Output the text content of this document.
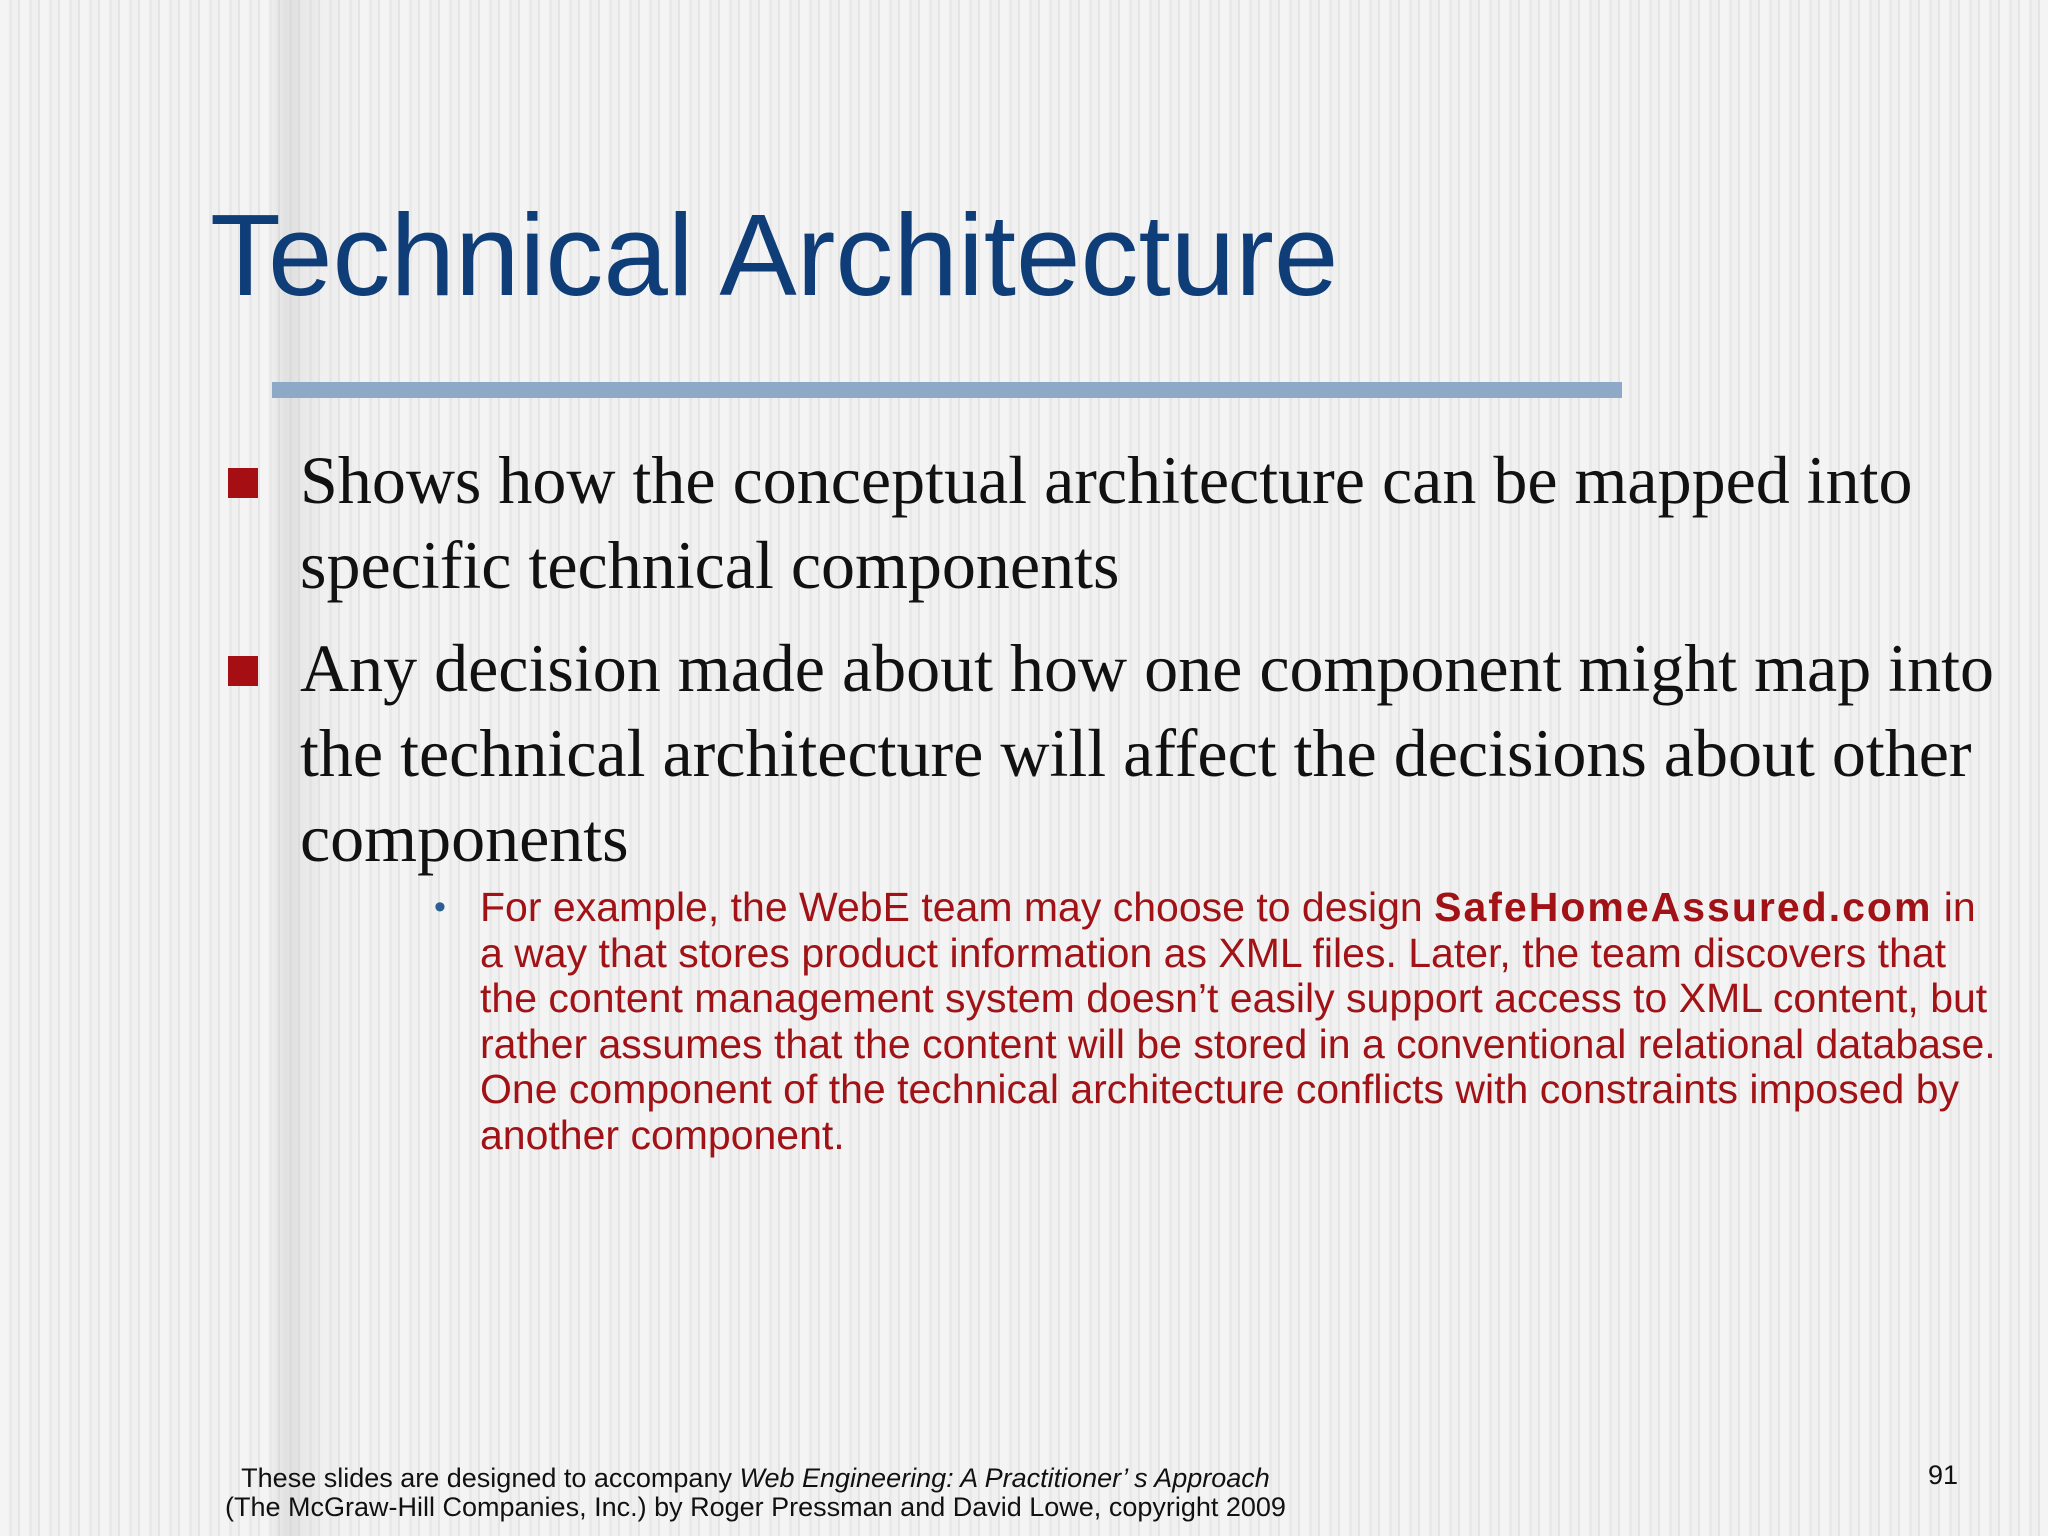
Technical Architecture
Shows how the conceptual architecture can be mapped into specific technical components
Any decision made about how one component might map into the technical architecture will affect the decisions about other components
• For example, the WebE team may choose to design SafeHomeAssured.com in a way that stores product information as XML files. Later, the team discovers that the content management system doesn’t easily support access to XML content, but rather assumes that the content will be stored in a conventional relational database. One component of the technical architecture conflicts with constraints imposed by another component.
These slides are designed to accompany Web Engineering: A Practitioner’ s Approach
(The McGraw-Hill Companies, Inc.) by Roger Pressman and David Lowe, copyright 2009
91
